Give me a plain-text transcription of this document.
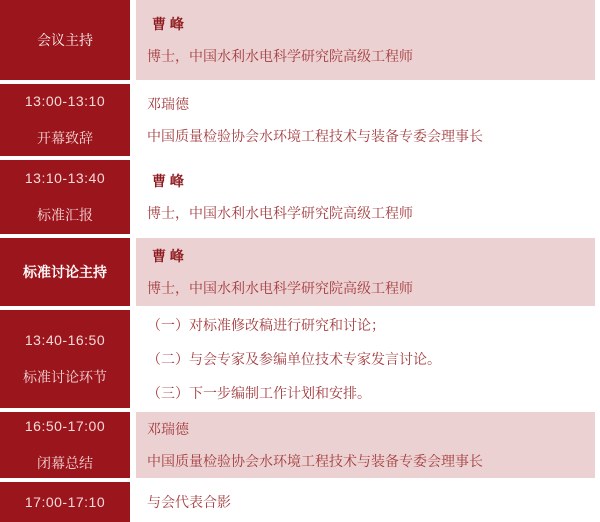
会议主持
曹 峰
博士，中国水利水电科学研究院高级工程师
13:00-13:10
开幕致辞
邓瑞德
中国质量检验协会水环境工程技术与装备专委会理事长
13:10-13:40
标准汇报
曹 峰
博士，中国水利水电科学研究院高级工程师
标准讨论主持
曹 峰
博士，中国水利水电科学研究院高级工程师
13:40-16:50
标准讨论环节
（一）对标准修改稿进行研究和讨论；
（二）与会专家及参编单位技术专家发言讨论。
（三）下一步编制工作计划和安排。
16:50-17:00
闭幕总结
邓瑞德
中国质量检验协会水环境工程技术与装备专委会理事长
17:00-17:10	与会代表合影
